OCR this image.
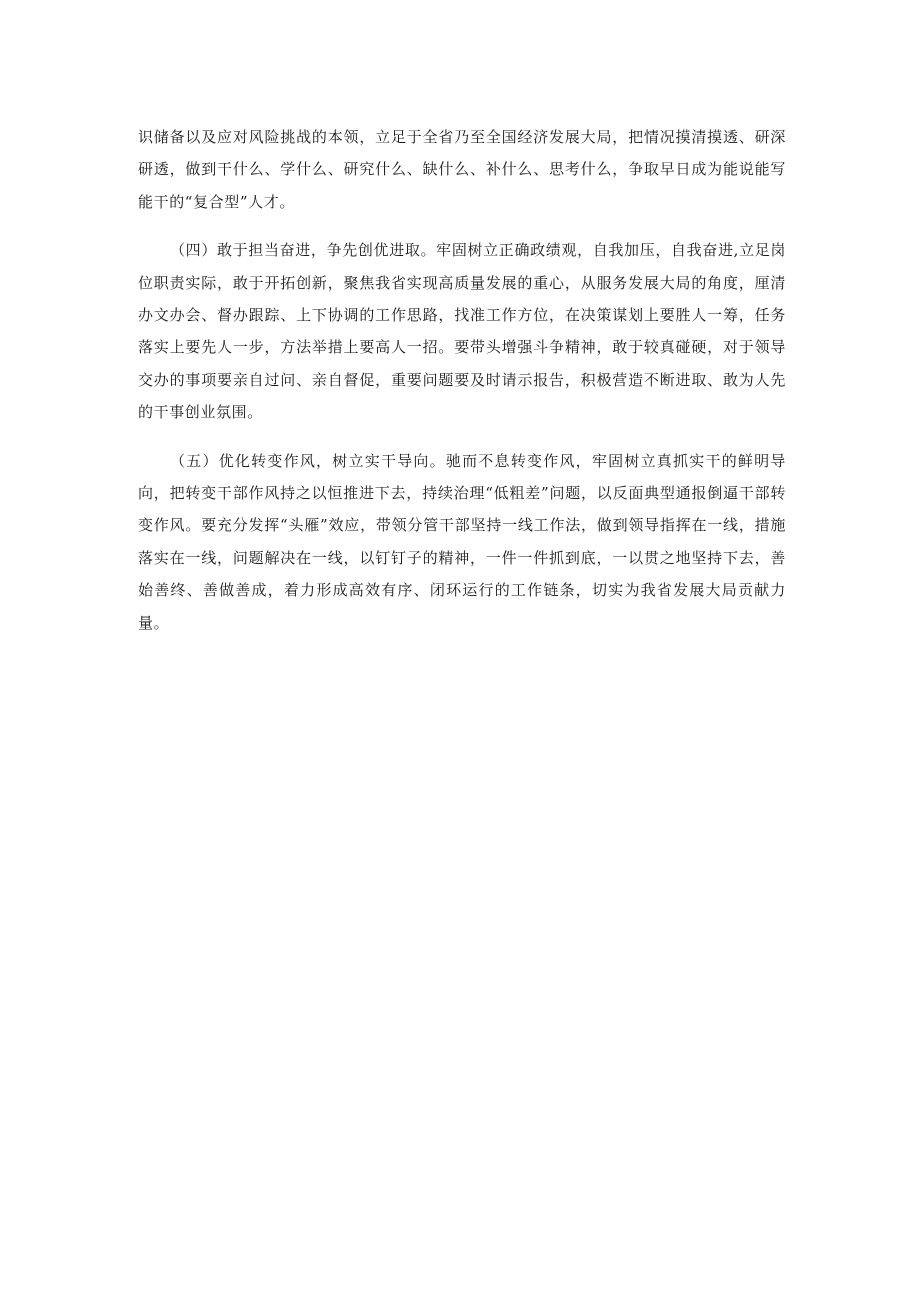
识储备以及应对风险挑战的本领，立足于全省乃至全国经济发展大局，把情况摸清摸透、研深研透，做到干什么、学什么、研究什么、缺什么、补什么、思考什么，争取早日成为能说能写能干的“复合型”人才。

（四）敢于担当奋进，争先创优进取。牢固树立正确政绩观，自我加压，自我奋进,立足岗位职责实际，敢于开拓创新，聚焦我省实现高质量发展的重心，从服务发展大局的角度，厘清办文办会、督办跟踪、上下协调的工作思路，找准工作方位，在决策谋划上要胜人一筹，任务落实上要先人一步，方法举措上要高人一招。要带头增强斗争精神，敢于较真碰硬，对于领导交办的事项要亲自过问、亲自督促，重要问题要及时请示报告，积极营造不断进取、敢为人先的干事创业氛围。

（五）优化转变作风，树立实干导向。驰而不息转变作风，牢固树立真抓实干的鲜明导向，把转变干部作风持之以恒推进下去，持续治理“低粗差”问题，以反面典型通报倒逼干部转变作风。要充分发挥“头雁”效应，带领分管干部坚持一线工作法，做到领导指挥在一线，措施落实在一线，问题解决在一线，以钉钉子的精神，一件一件抓到底，一以贯之地坚持下去，善始善终、善做善成，着力形成高效有序、闭环运行的工作链条，切实为我省发展大局贡献力量。
